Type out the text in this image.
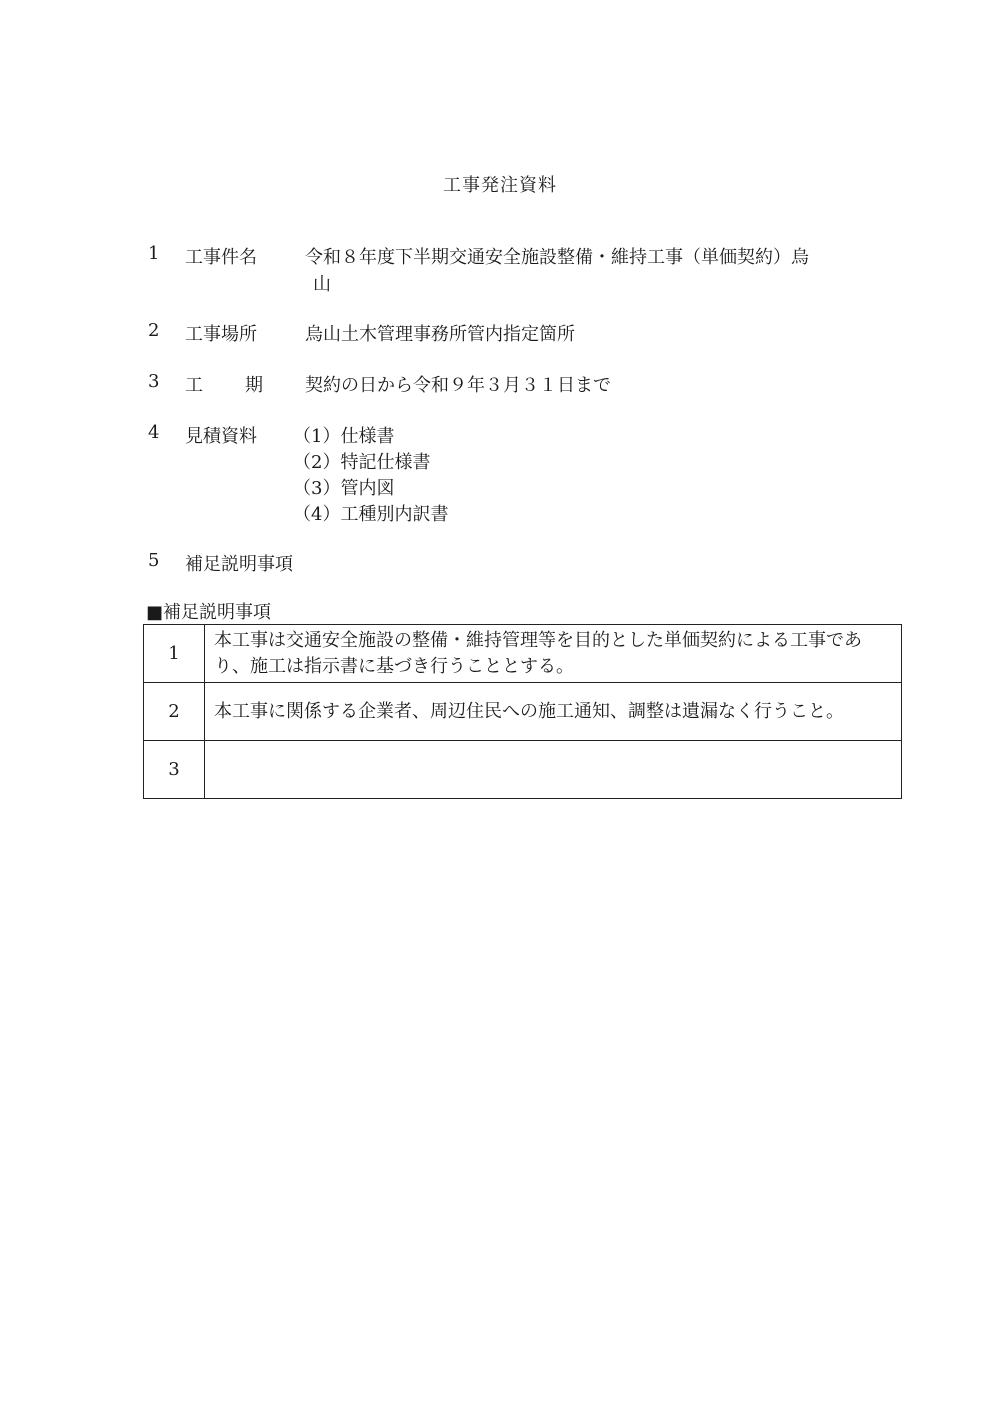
工事発注資料
1 工事件名	令和８年度下半期交通安全施設整備・維持工事（単価契約）烏
山
2 工事場所	烏山土木管理事務所管内指定箇所
3 工 期 契約の日から令和９年３月３１日まで
4 見積資料 （1）仕様書
（2）特記仕様書
（3）管内図
（4）工種別内訳書
5 補足説明事項
■補足説明事項
1	本工事は交通安全施設の整備・維持管理等を目的とした単価契約による工事であり、施工は指示書に基づき行うこととする。
2	本工事に関係する企業者、周辺住民への施工通知、調整は遺漏なく行うこと。
3	
